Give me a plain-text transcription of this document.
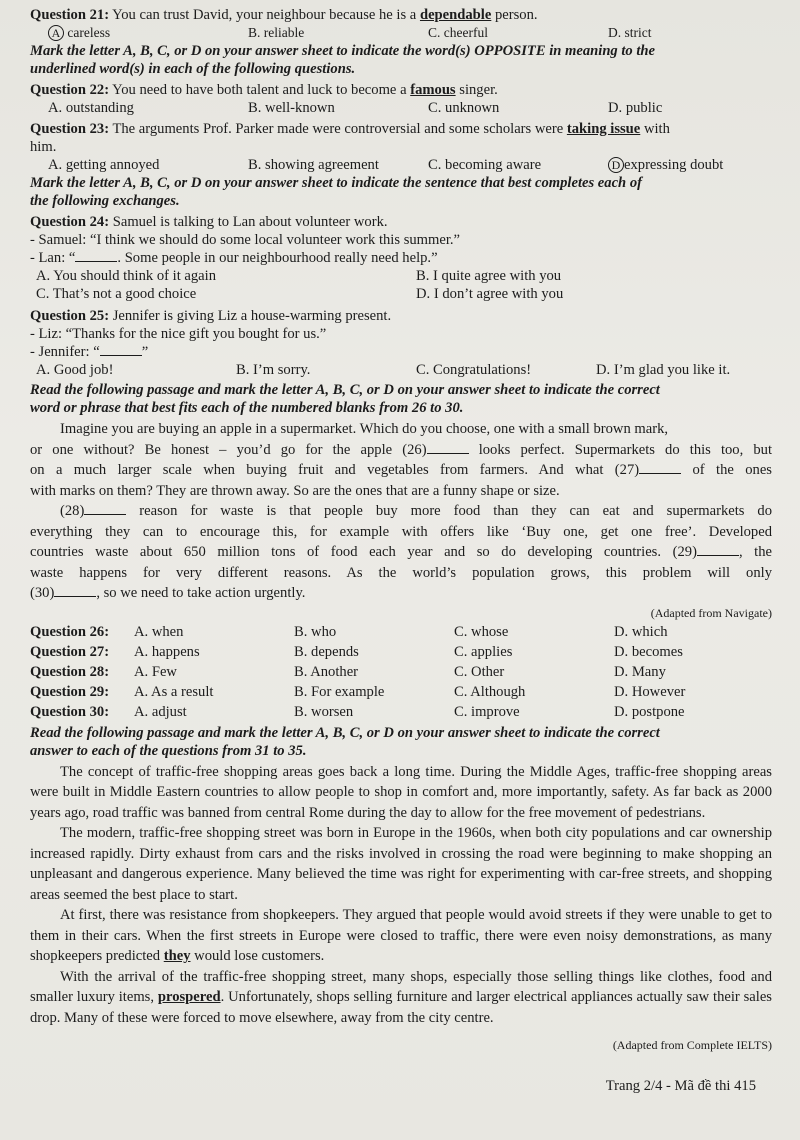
Question 21: You can trust David, your neighbour because he is a dependable person.
A careless	B. reliable	C. cheerful	D. strict
Mark the letter A, B, C, or D on your answer sheet to indicate the word(s) OPPOSITE in meaning to the
underlined word(s) in each of the following questions.
Question 22: You need to have both talent and luck to become a famous singer.
A. outstanding	B. well-known	C. unknown	D. public
Question 23: The arguments Prof. Parker made were controversial and some scholars were taking issue with
him.
A. getting annoyed	B. showing agreement	C. becoming aware	D expressing doubt
Mark the letter A, B, C, or D on your answer sheet to indicate the sentence that best completes each of
the following exchanges.
Question 24: Samuel is talking to Lan about volunteer work.
- Samuel: “I think we should do some local volunteer work this summer.”
- Lan: “	. Some people in our neighbourhood really need help.”
A. You should think of it again	B. I quite agree with you
C. That’s not a good choice	D. I don’t agree with you
Question 25: Jennifer is giving Liz a house-warming present.
- Liz: “Thanks for the nice gift you bought for us.”
- Jennifer: “	”
A. Good job!	B. I’m sorry.	C. Congratulations!	D. I’m glad you like it.
Read the following passage and mark the letter A, B, C, or D on your answer sheet to indicate the correct
word or phrase that best fits each of the numbered blanks from 26 to 30.
Imagine you are buying an apple in a supermarket. Which do you choose, one with a small brown mark,
or one without? Be honest – you’d go for the apple (26)	looks perfect. Supermarkets do this too, but
on a much larger scale when buying fruit and vegetables from farmers. And what (27)	of the ones
with marks on them? They are thrown away. So are the ones that are a funny shape or size.
(28)	reason for waste is that people buy more food than they can eat and supermarkets do
everything they can to encourage this, for example with offers like ‘Buy one, get one free’. Developed
countries waste about 650 million tons of food each year and so do developing countries. (29)	, the
waste happens for very different reasons. As the world’s population grows, this problem will only
(30)	, so we need to take action urgently.
(Adapted from Navigate)
Question 26:	A. when	B. who	C. whose	D. which
Question 27:	A. happens	B. depends	C. applies	D. becomes
Question 28:	A. Few	B. Another	C. Other	D. Many
Question 29:	A. As a result	B. For example	C. Although	D. However
Question 30:	A. adjust	B. worsen	C. improve	D. postpone
Read the following passage and mark the letter A, B, C, or D on your answer sheet to indicate the correct
answer to each of the questions from 31 to 35.
The concept of traffic-free shopping areas goes back a long time. During the Middle Ages, traffic-free shopping areas were built in Middle Eastern countries to allow people to shop in comfort and, more importantly, safety. As far back as 2000 years ago, road traffic was banned from central Rome during the day to allow for the free movement of pedestrians.
The modern, traffic-free shopping street was born in Europe in the 1960s, when both city populations and car ownership increased rapidly. Dirty exhaust from cars and the risks involved in crossing the road were beginning to make shopping an unpleasant and dangerous experience. Many believed the time was right for experimenting with car-free streets, and shopping areas seemed the best place to start.
At first, there was resistance from shopkeepers. They argued that people would avoid streets if they were unable to get to them in their cars. When the first streets in Europe were closed to traffic, there were even noisy demonstrations, as many shopkeepers predicted they would lose customers.
With the arrival of the traffic-free shopping street, many shops, especially those selling things like clothes, food and smaller luxury items, prospered. Unfortunately, shops selling furniture and larger electrical appliances actually saw their sales drop. Many of these were forced to move elsewhere, away from the city centre.
(Adapted from Complete IELTS)
Trang 2/4 - Mã đề thi 415
